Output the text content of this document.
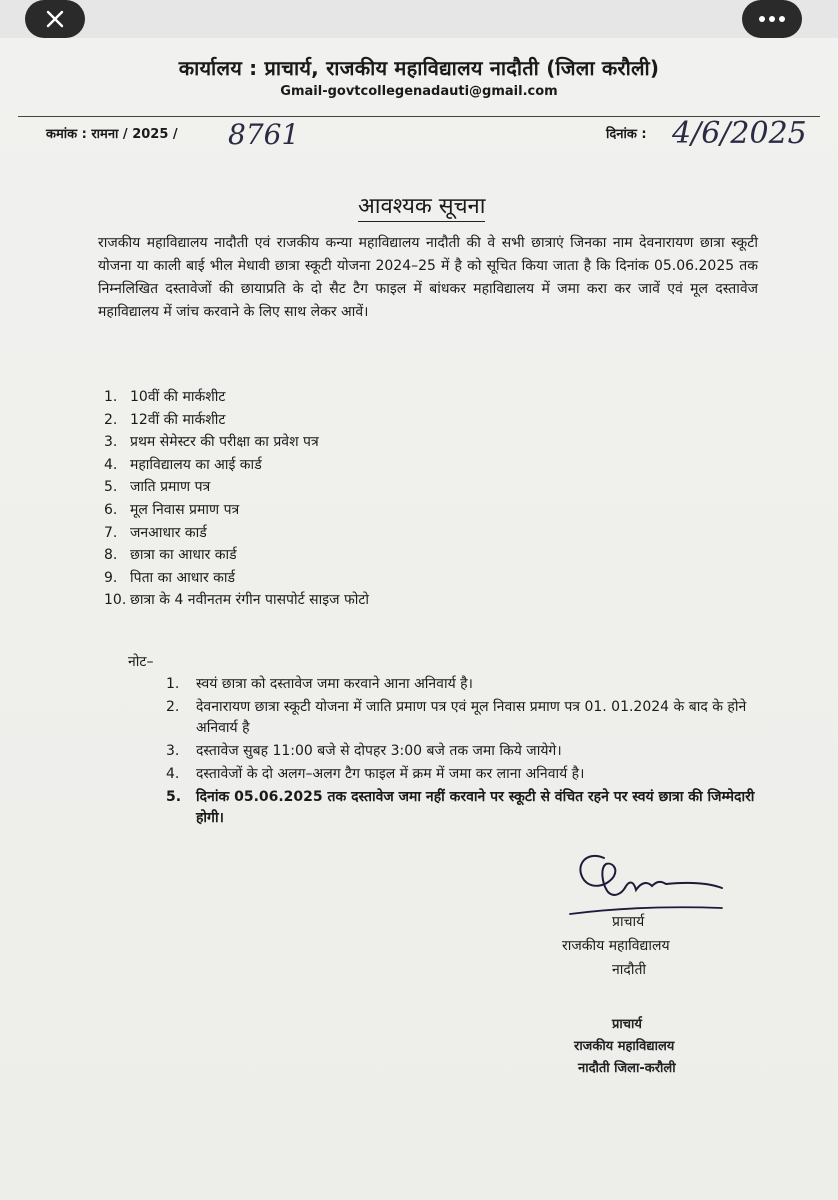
कार्यालय : प्राचार्य, राजकीय महाविद्यालय नादौती (जिला करौली)
Gmail-govtcollegenadauti@gmail.com
कमांक : रामना / 2025 / 8761	दिनांक : 4/6/2025
आवश्यक सूचना
राजकीय महाविद्यालय नादौती एवं राजकीय कन्या महाविद्यालय नादौती की वे सभी छात्राएं जिनका नाम देवनारायण छात्रा स्कूटी योजना या काली बाई भील मेधावी छात्रा स्कूटी योजना 2024–25 में है को सूचित किया जाता है कि दिनांक 05.06.2025 तक निम्नलिखित दस्तावेजों की छायाप्रति के दो सैट टैग फाइल में बांधकर महाविद्यालय में जमा करा कर जावें एवं मूल दस्तावेज महाविद्यालय में जांच करवाने के लिए साथ लेकर आवें।
1. 10वीं की मार्कशीट
2. 12वीं की मार्कशीट
3. प्रथम सेमेस्टर की परीक्षा का प्रवेश पत्र
4. महाविद्यालय का आई कार्ड
5. जाति प्रमाण पत्र
6. मूल निवास प्रमाण पत्र
7. जनआधार कार्ड
8. छात्रा का आधार कार्ड
9. पिता का आधार कार्ड
10. छात्रा के 4 नवीनतम रंगीन पासपोर्ट साइज फोटो
नोट–
1. स्वयं छात्रा को दस्तावेज जमा करवाने आना अनिवार्य है।
2. देवनारायण छात्रा स्कूटी योजना में जाति प्रमाण पत्र एवं मूल निवास प्रमाण पत्र 01. 01.2024 के बाद के होने अनिवार्य है
3. दस्तावेज सुबह 11:00 बजे से दोपहर 3:00 बजे तक जमा किये जायेगे।
4. दस्तावेजों के दो अलग–अलग टैग फाइल में क्रम में जमा कर लाना अनिवार्य है।
5. दिनांक 05.06.2025 तक दस्तावेज जमा नहीं करवाने पर स्कूटी से वंचित रहने पर स्वयं छात्रा की जिम्मेदारी होगी।
प्राचार्य
राजकीय महाविद्यालय
नादौती
प्राचार्य
राजकीय महाविद्यालय
नादौती जिला-करौली
